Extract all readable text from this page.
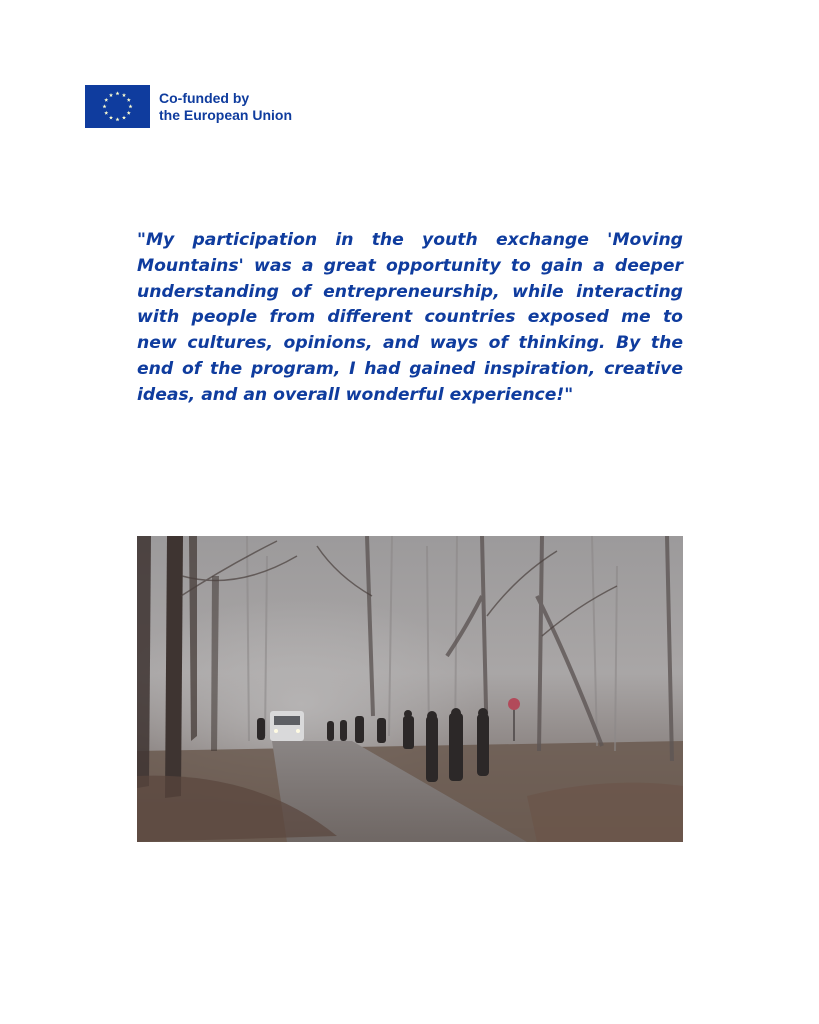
Co-funded by
the European Union

"My participation in the youth exchange 'Moving Mountains' was a great opportunity to gain a deeper understanding of entrepreneurship, while interacting with people from different countries exposed me to new cultures, opinions, and ways of thinking. By the end of the program, I had gained inspiration, creative ideas, and an overall wonderful experience!"
